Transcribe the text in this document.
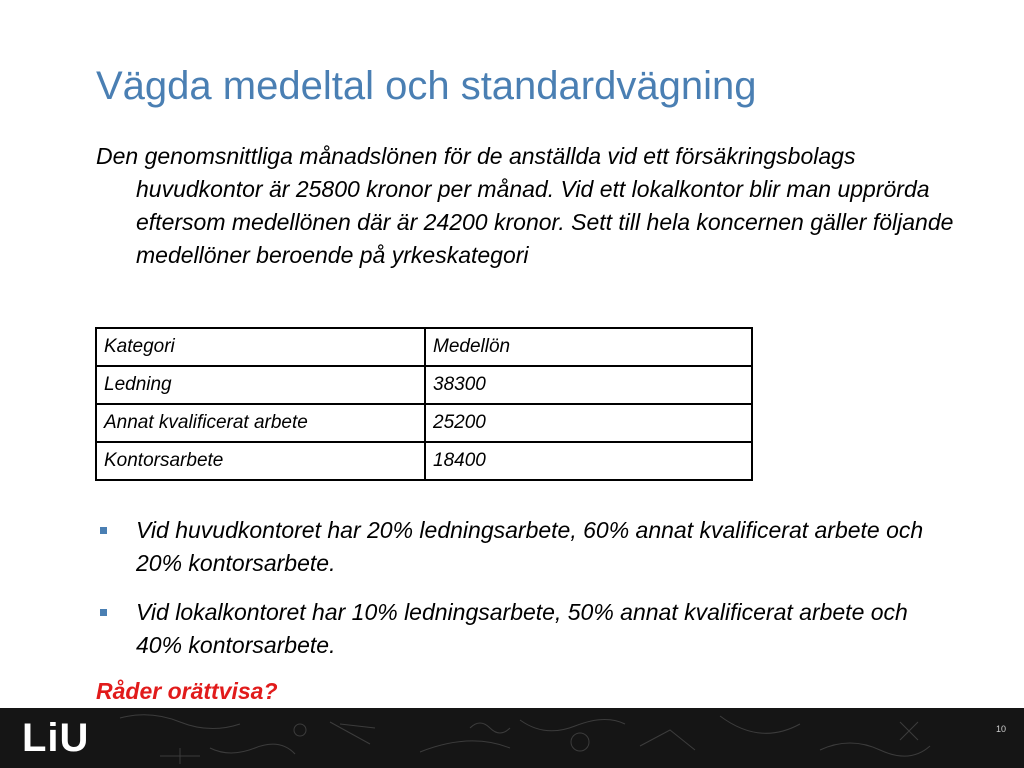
Vägda medeltal och standardvägning

Den genomsnittliga månadslönen för de anställda vid ett försäkringsbolags huvudkontor är 25800 kronor per månad. Vid ett lokalkontor blir man upprörda eftersom medellönen där är 24200 kronor. Sett till hela koncernen gäller följande medellöner beroende på yrkeskategori

Kategori	Medellön
Ledning	38300
Annat kvalificerat arbete	25200
Kontorsarbete	18400
Vid huvudkontoret har 20% ledningsarbete, 60% annat kvalificerat arbete och 20% kontorsarbete.
Vid lokalkontoret har 10% ledningsarbete, 50% annat kvalificerat arbete och 40% kontorsarbete.

Råder orättvisa?

LiU	10
